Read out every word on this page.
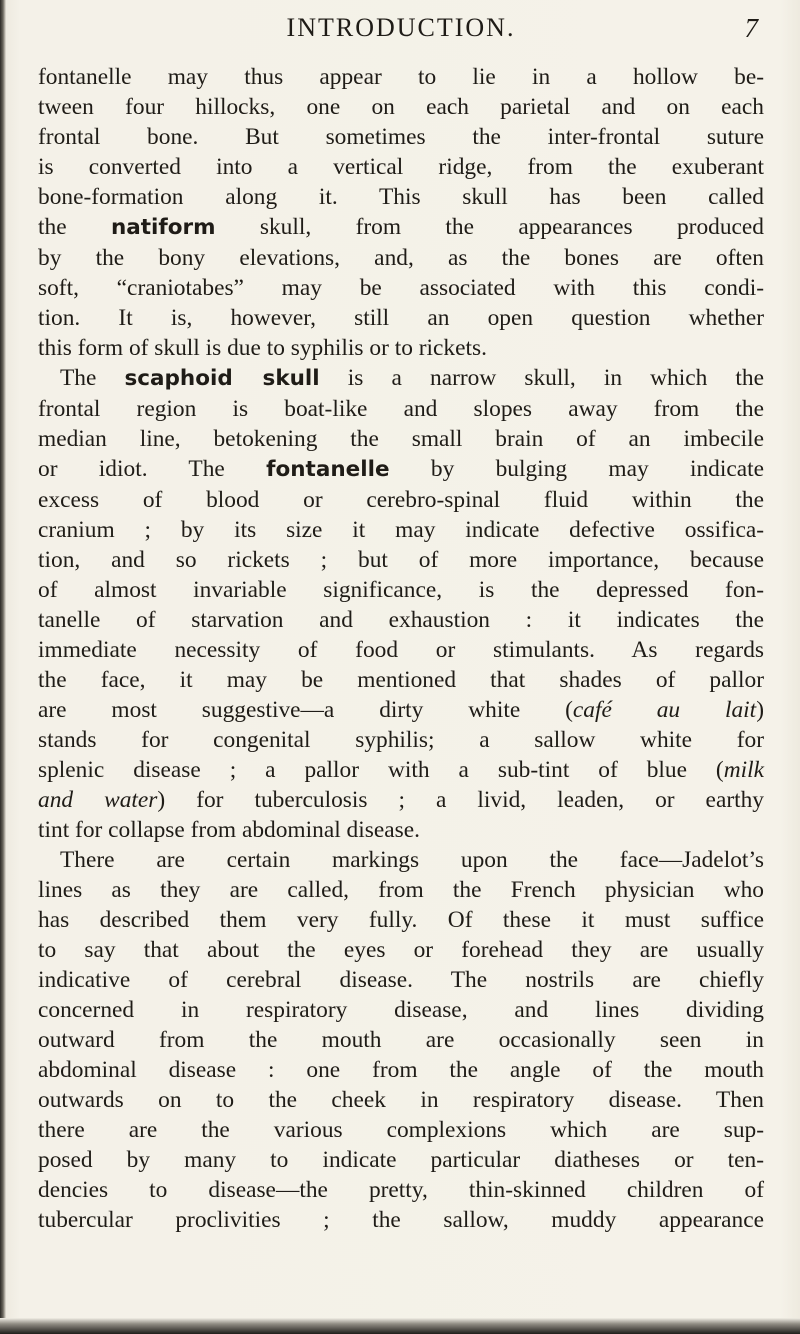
INTRODUCTION.	7

fontanelle may thus appear to lie in a hollow be-

tween four hillocks, one on each parietal and on each

frontal bone. But sometimes the inter-frontal suture

is converted into a vertical ridge, from the exuberant

bone-formation along it. This skull has been called

the natiform skull, from the appearances produced

by the bony elevations, and, as the bones are often

soft, “craniotabes” may be associated with this condi-

tion. It is, however, still an open question whether

this form of skull is due to syphilis or to rickets.

The scaphoid skull is a narrow skull, in which the

frontal region is boat-like and slopes away from the

median line, betokening the small brain of an imbecile

or idiot. The fontanelle by bulging may indicate

excess of blood or cerebro-spinal fluid within the

cranium ; by its size it may indicate defective ossifica-

tion, and so rickets ; but of more importance, because

of almost invariable significance, is the depressed fon-

tanelle of starvation and exhaustion : it indicates the

immediate necessity of food or stimulants. As regards

the face, it may be mentioned that shades of pallor

are most suggestive—a dirty white (café au lait)

stands for congenital syphilis; a sallow white for

splenic disease ; a pallor with a sub-tint of blue (milk

and water) for tuberculosis ; a livid, leaden, or earthy

tint for collapse from abdominal disease.

There are certain markings upon the face—Jadelot’s

lines as they are called, from the French physician who

has described them very fully. Of these it must suffice

to say that about the eyes or forehead they are usually

indicative of cerebral disease. The nostrils are chiefly

concerned in respiratory disease, and lines dividing

outward from the mouth are occasionally seen in

abdominal disease : one from the angle of the mouth

outwards on to the cheek in respiratory disease. Then

there are the various complexions which are sup-

posed by many to indicate particular diatheses or ten-

dencies to disease—the pretty, thin-skinned children of

tubercular proclivities ; the sallow, muddy appearance
